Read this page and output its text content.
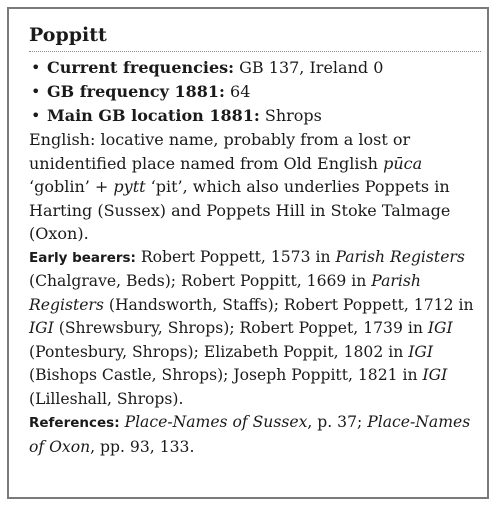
Poppitt
• Current frequencies: GB 137, Ireland 0
• GB frequency 1881: 64
• Main GB location 1881: Shrops

English: locative name, probably from a lost or unidentified place named from Old English pūca ‘goblin’ + pytt ‘pit’, which also underlies Poppets in Harting (Sussex) and Poppets Hill in Stoke Talmage (Oxon).

Early bearers: Robert Poppett, 1573 in Parish Registers (Chalgrave, Beds); Robert Poppitt, 1669 in Parish Registers (Handsworth, Staffs); Robert Poppett, 1712 in IGI (Shrewsbury, Shrops); Robert Poppet, 1739 in IGI (Pontesbury, Shrops); Elizabeth Poppit, 1802 in IGI (Bishops Castle, Shrops); Joseph Poppitt, 1821 in IGI (Lilleshall, Shrops).

References: Place-Names of Sussex, p. 37; Place-Names of Oxon, pp. 93, 133.
